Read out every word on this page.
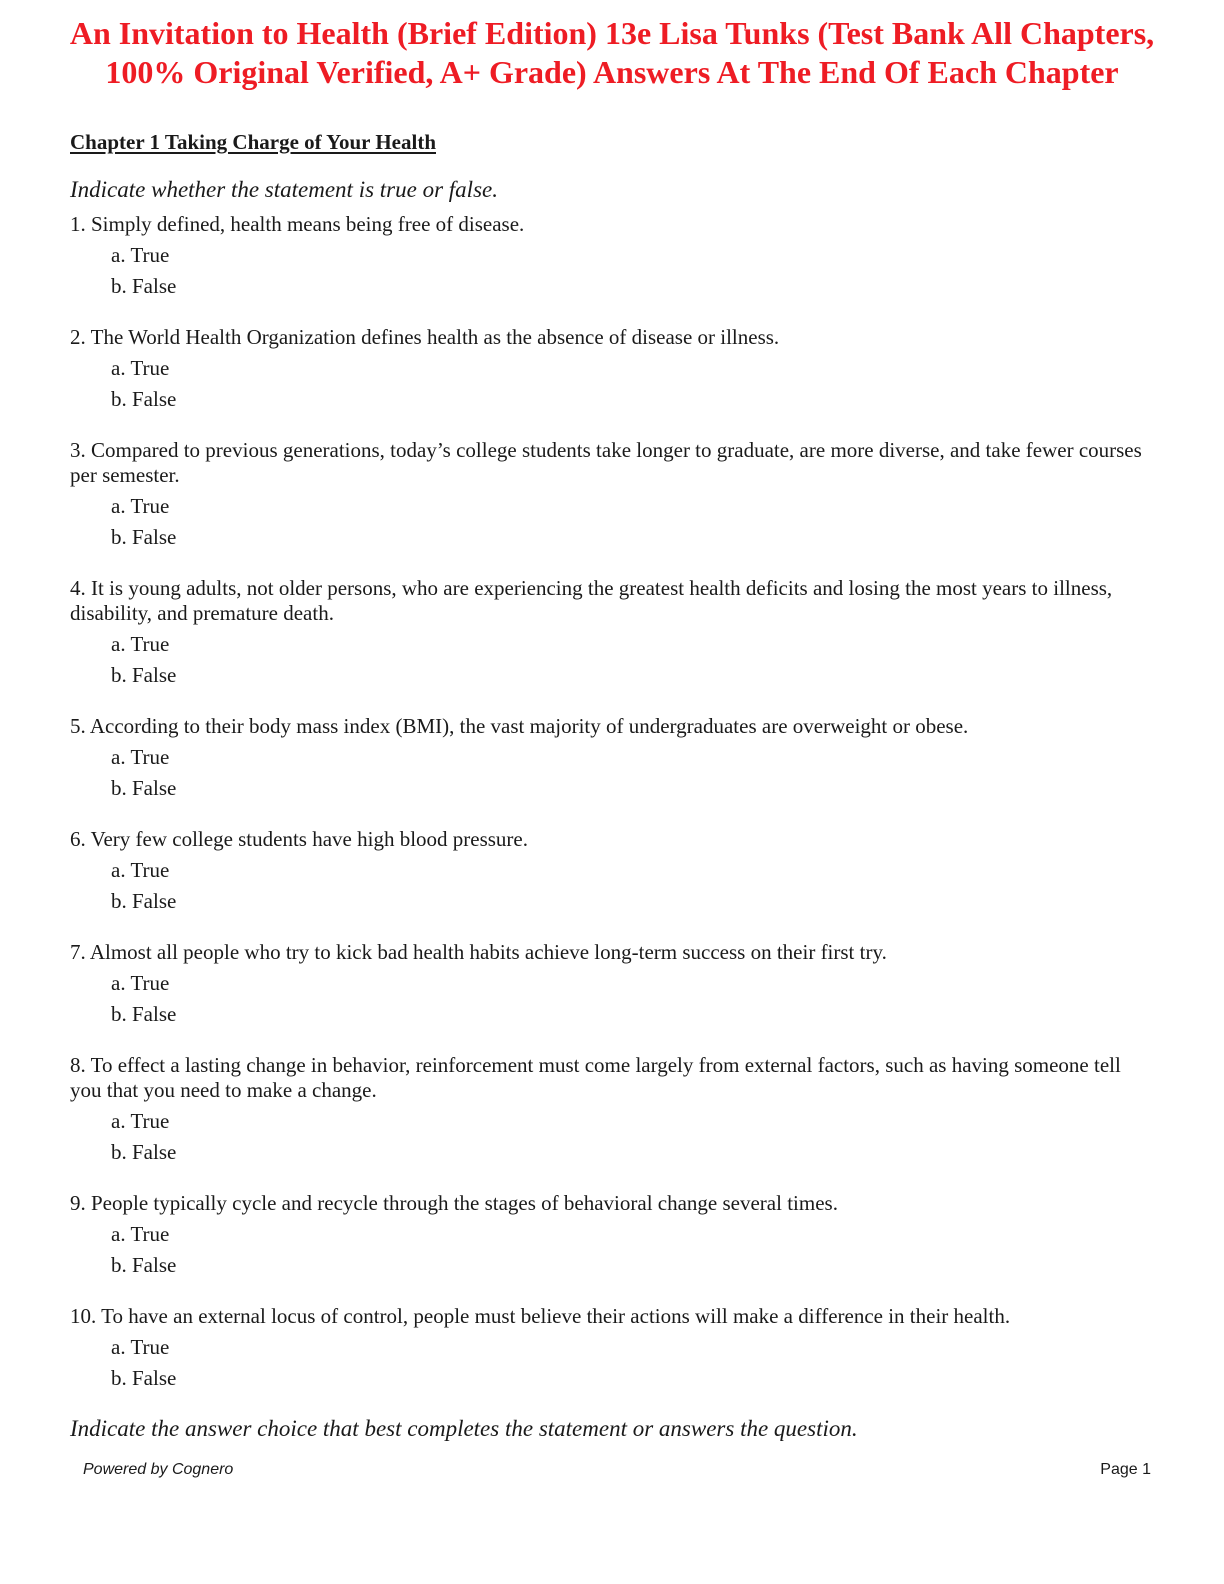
An Invitation to Health (Brief Edition) 13e Lisa Tunks (Test Bank All Chapters, 100% Original Verified, A+ Grade) Answers At The End Of Each Chapter
Chapter 1 Taking Charge of Your Health

Indicate whether the statement is true or false.

1. Simply defined, health means being free of disease.

a. True
b. False

2. The World Health Organization defines health as the absence of disease or illness.

a. True
b. False

3. Compared to previous generations, today’s college students take longer to graduate, are more diverse, and take fewer courses per semester.

a. True
b. False

4. It is young adults, not older persons, who are experiencing the greatest health deficits and losing the most years to illness, disability, and premature death.

a. True
b. False

5. According to their body mass index (BMI), the vast majority of undergraduates are overweight or obese.

a. True
b. False

6. Very few college students have high blood pressure.

a. True
b. False

7. Almost all people who try to kick bad health habits achieve long-term success on their first try.

a. True
b. False

8. To effect a lasting change in behavior, reinforcement must come largely from external factors, such as having someone tell you that you need to make a change.

a. True
b. False

9. People typically cycle and recycle through the stages of behavioral change several times.

a. True
b. False

10. To have an external locus of control, people must believe their actions will make a difference in their health.

a. True
b. False

Indicate the answer choice that best completes the statement or answers the question.

Powered by Cognero	Page 1
